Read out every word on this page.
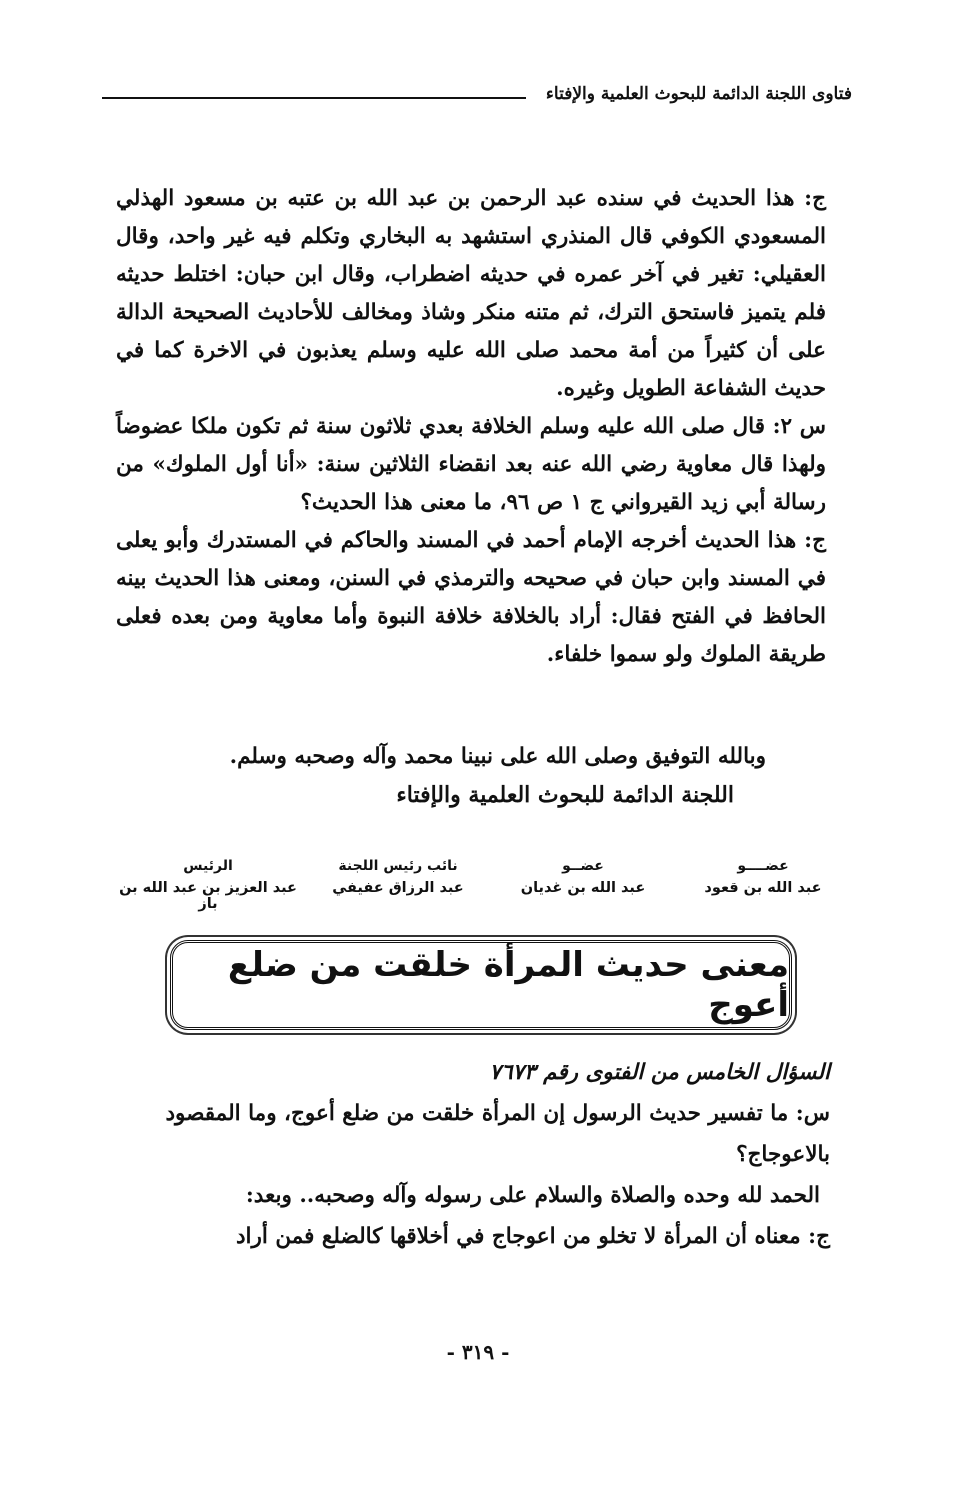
فتاوى اللجنة الدائمة للبحوث العلمية والإفتاء

ج: هذا الحديث في سنده عبد الرحمن بن عبد الله بن عتبه بن مسعود الهذلي المسعودي الكوفي قال المنذري استشهد به البخاري وتكلم فيه غير واحد، وقال العقيلي: تغير في آخر عمره في حديثه اضطراب، وقال ابن حبان: اختلط حديثه فلم يتميز فاستحق الترك، ثم متنه منكر وشاذ ومخالف للأحاديث الصحيحة الدالة على أن كثيراً من أمة محمد صلى الله عليه وسلم يعذبون في الاخرة كما في حديث الشفاعة الطويل وغيره.

س ٢: قال صلى الله عليه وسلم الخلافة بعدي ثلاثون سنة ثم تكون ملكا عضوضاً ولهذا قال معاوية رضي الله عنه بعد انقضاء الثلاثين سنة: «أنا أول الملوك» من رسالة أبي زيد القيرواني ج ١ ص ٩٦، ما معنى هذا الحديث؟

ج: هذا الحديث أخرجه الإمام أحمد في المسند والحاكم في المستدرك وأبو يعلى في المسند وابن حبان في صحيحه والترمذي في السنن، ومعنى هذا الحديث بينه الحافظ في الفتح فقال: أراد بالخلافة خلافة النبوة وأما معاوية ومن بعده فعلى طريقة الملوك ولو سموا خلفاء.

وبالله التوفيق وصلى الله على نبينا محمد وآله وصحبه وسلم.
اللجنة الدائمة للبحوث العلمية والإفتاء
عضــــو
عبد الله بن قعود
عضــو
عبد الله بن غديان
نائب رئيس اللجنة
عبد الرزاق عفيفي
الرئيس
عبد العزيز بن عبد الله بن باز
معنى حديث المرأة خلقت من ضلع أعوج

السؤال الخامس من الفتوى رقم ٧٦٧٣

س: ما تفسير حديث الرسول إن المرأة خلقت من ضلع أعوج، وما المقصود بالاعوجاج؟

الحمد لله وحده والصلاة والسلام على رسوله وآله وصحبه.. وبعد:

ج: معناه أن المرأة لا تخلو من اعوجاج في أخلاقها كالضلع فمن أراد

- ٣١٩ -
